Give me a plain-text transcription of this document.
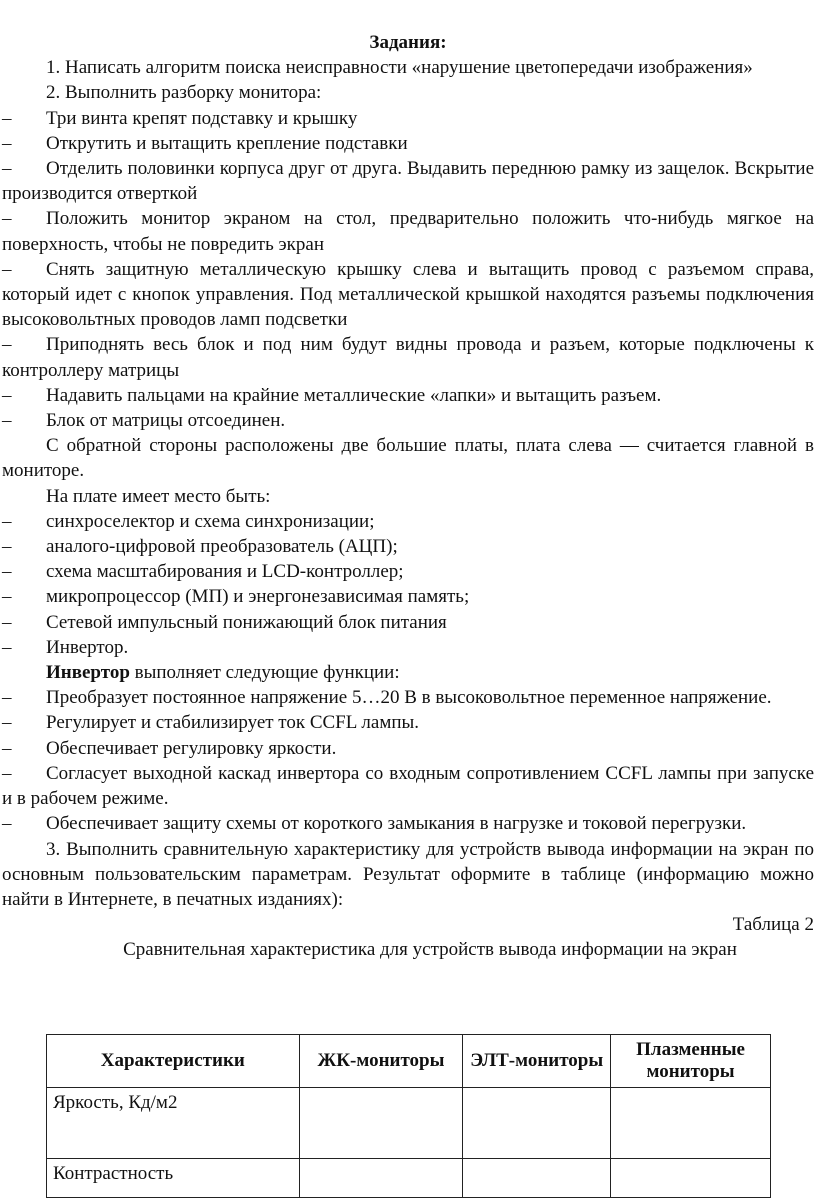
Задания:

1. Написать алгоритм поиска неисправности «нарушение цветопередачи изображения»

2. Выполнить разборку монитора:

– Три винта крепят подставку и крышку

– Открутить и вытащить крепление подставки

– Отделить половинки корпуса друг от друга. Выдавить переднюю рамку из защелок. Вскрытие производится отверткой

– Положить монитор экраном на стол, предварительно положить что-нибудь мягкое на поверхность, чтобы не повредить экран

– Снять защитную металлическую крышку слева и вытащить провод с разъемом справа, который идет с кнопок управления. Под металлической крышкой находятся разъемы подключения высоковольтных проводов ламп подсветки

– Приподнять весь блок и под ним будут видны провода и разъем, которые подключены к контроллеру матрицы

– Надавить пальцами на крайние металлические «лапки» и вытащить разъем.

– Блок от матрицы отсоединен.

С обратной стороны расположены две большие платы, плата слева — считается главной в мониторе.

На плате имеет место быть:

– синхроселектор и схема синхронизации;

– аналого-цифровой преобразователь (АЦП);

– схема масштабирования и LCD-контроллер;

– микропроцессор (МП) и энергонезависимая память;

– Сетевой импульсный понижающий блок питания

– Инвертор.

Инвертор выполняет следующие функции:

– Преобразует постоянное напряжение 5…20 В в высоковольтное переменное напряжение.

– Регулирует и стабилизирует ток CCFL лампы.

– Обеспечивает регулировку яркости.

– Согласует выходной каскад инвертора со входным сопротивлением CCFL лампы при запуске и в рабочем режиме.

– Обеспечивает защиту схемы от короткого замыкания в нагрузке и токовой перегрузки.

3. Выполнить сравнительную характеристику для устройств вывода информации на экран по основным пользовательским параметрам. Результат оформите в таблице (информацию можно найти в Интернете, в печатных изданиях):

Таблица 2

Сравнительная характеристика для устройств вывода информации на экран

Характеристики	ЖК-мониторы	ЭЛТ-мониторы	Плазменные мониторы
Яркость, Кд/м2			
Контрастность			
